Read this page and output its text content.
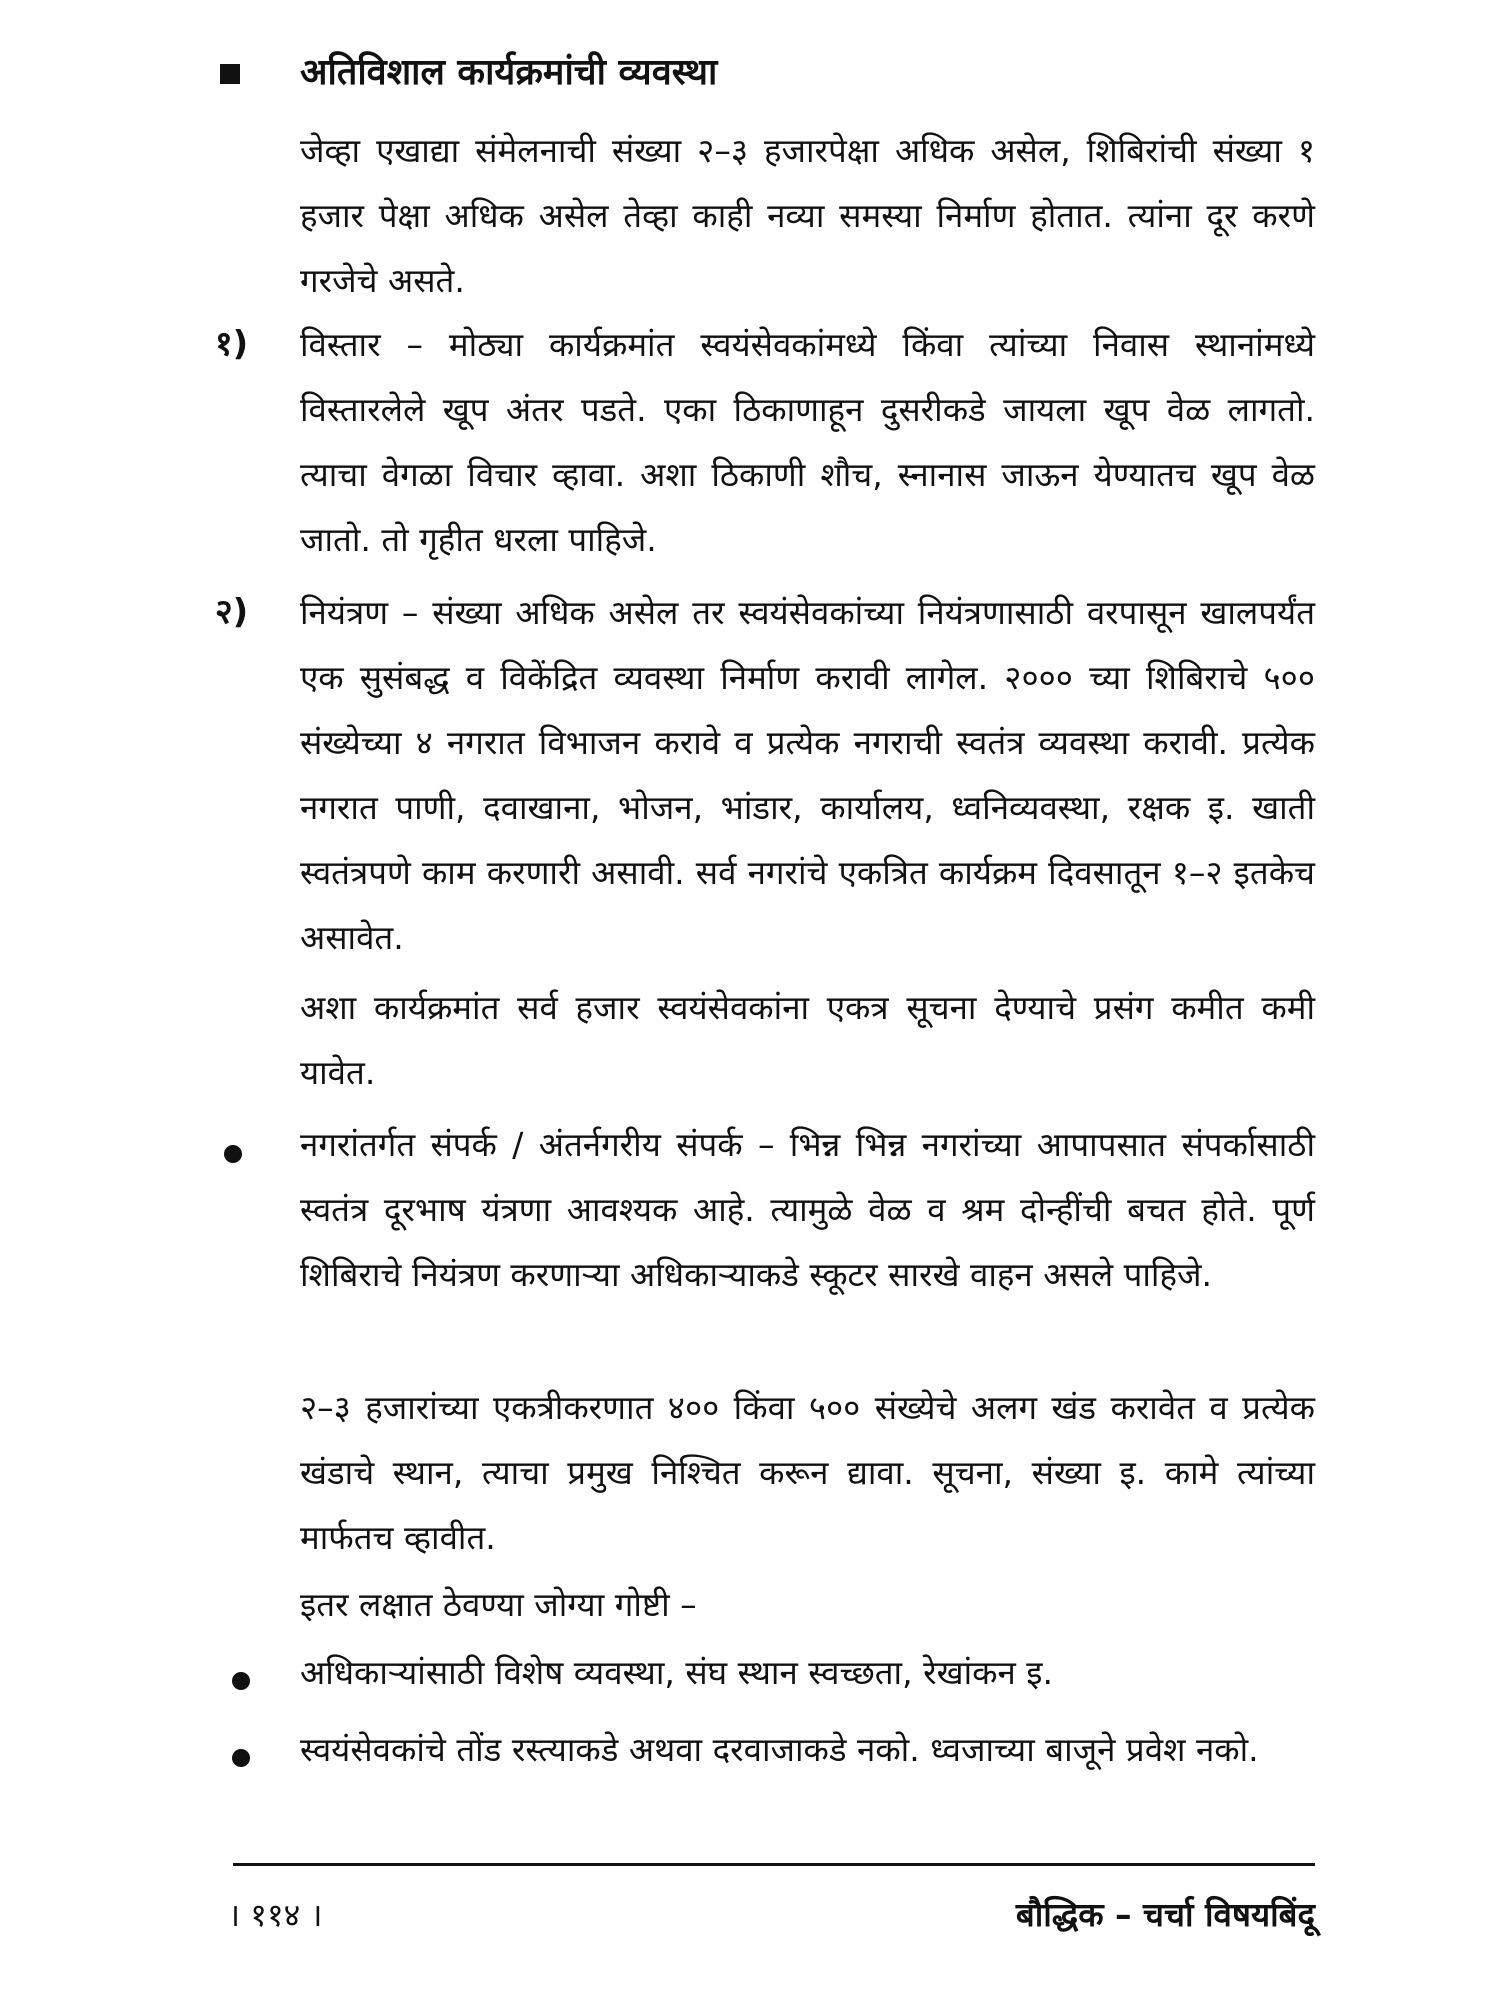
अतिविशाल कार्यक्रमांची व्यवस्था
जेव्हा एखाद्या संमेलनाची संख्या २–३ हजारपेक्षा अधिक असेल, शिबिरांची संख्या १ हजार पेक्षा अधिक असेल तेव्हा काही नव्या समस्या निर्माण होतात. त्यांना दूर करणे गरजेचे असते.
१) विस्तार – मोठ्या कार्यक्रमांत स्वयंसेवकांमध्ये किंवा त्यांच्या निवास स्थानांमध्ये विस्तारलेले खूप अंतर पडते. एका ठिकाणाहून दुसरीकडे जायला खूप वेळ लागतो. त्याचा वेगळा विचार व्हावा. अशा ठिकाणी शौच, स्नानास जाऊन येण्यातच खूप वेळ जातो. तो गृहीत धरला पाहिजे.
२) नियंत्रण – संख्या अधिक असेल तर स्वयंसेवकांच्या नियंत्रणासाठी वरपासून खालपर्यंत एक सुसंबद्ध व विकेंद्रित व्यवस्था निर्माण करावी लागेल. २००० च्या शिबिराचे ५०० संख्येच्या ४ नगरात विभाजन करावे व प्रत्येक नगराची स्वतंत्र व्यवस्था करावी. प्रत्येक नगरात पाणी, दवाखाना, भोजन, भांडार, कार्यालय, ध्वनिव्यवस्था, रक्षक इ. खाती स्वतंत्रपणे काम करणारी असावी. सर्व नगरांचे एकत्रित कार्यक्रम दिवसातून १–२ इतकेच असावेत.
अशा कार्यक्रमांत सर्व हजार स्वयंसेवकांना एकत्र सूचना देण्याचे प्रसंग कमीत कमी यावेत.
नगरांतर्गत संपर्क / अंतर्नगरीय संपर्क – भिन्न भिन्न नगरांच्या आपापसात संपर्कासाठी स्वतंत्र दूरभाष यंत्रणा आवश्यक आहे. त्यामुळे वेळ व श्रम दोन्हींची बचत होते. पूर्ण शिबिराचे नियंत्रण करणाऱ्या अधिकाऱ्याकडे स्कूटर सारखे वाहन असले पाहिजे.
२–३ हजारांच्या एकत्रीकरणात ४०० किंवा ५०० संख्येचे अलग खंड करावेत व प्रत्येक खंडाचे स्थान, त्याचा प्रमुख निश्चित करून द्यावा. सूचना, संख्या इ. कामे त्यांच्या मार्फतच व्हावीत.
इतर लक्षात ठेवण्या जोग्या गोष्टी –
अधिकाऱ्यांसाठी विशेष व्यवस्था, संघ स्थान स्वच्छता, रेखांकन इ.
स्वयंसेवकांचे तोंड रस्त्याकडे अथवा दरवाजाकडे नको. ध्वजाच्या बाजूने प्रवेश नको.
। ११४ ।	बौद्धिक – चर्चा विषयबिंदू
